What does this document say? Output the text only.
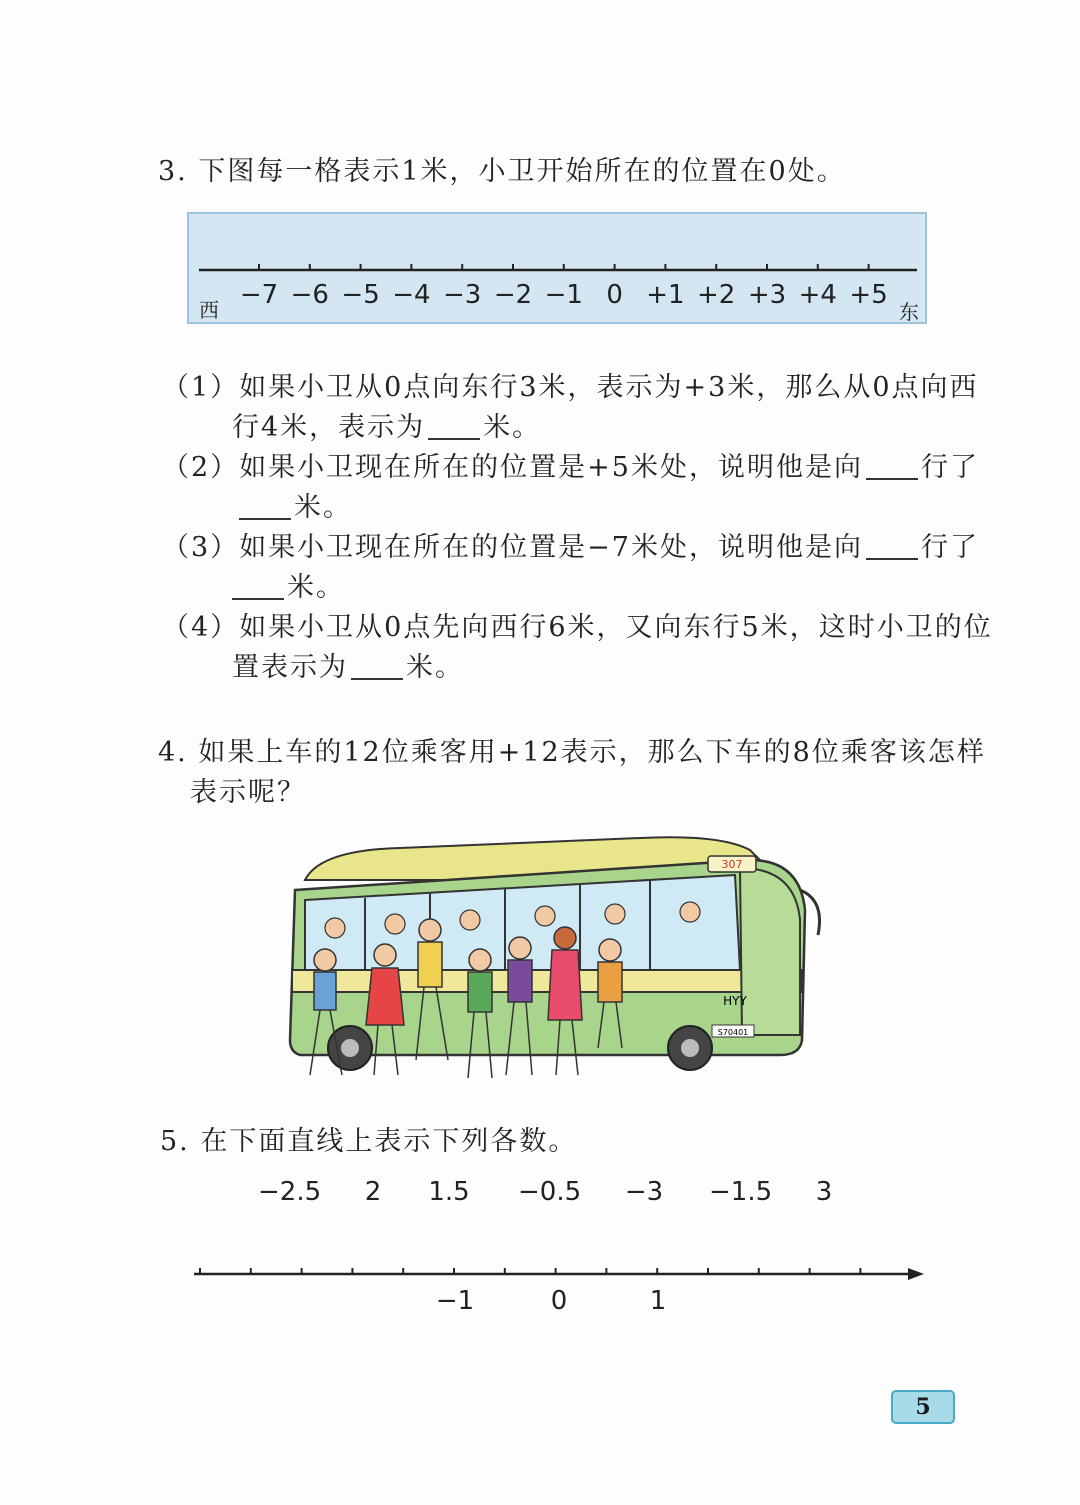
3. 下图每一格表示1米，小卫开始所在的位置在0处。
西	东
−7 −6 −5 −4 −3 −2 −1 0 +1 +2 +3 +4 +5
（1）如果小卫从0点向东行3米，表示为+3米，那么从0点向西
行4米，表示为 米。
（2）如果小卫现在所在的位置是+5米处，说明他是向 行了
米。
（3）如果小卫现在所在的位置是−7米处，说明他是向 行了
米。
（4）如果小卫从0点先向西行6米，又向东行5米，这时小卫的位
置表示为 米。
4. 如果上车的12位乘客用+12表示，那么下车的8位乘客该怎样
表示呢？
307
S70401
HYY
5. 在下面直线上表示下列各数。
−2.5	2	1.5	−0.5	−3	−1.5	3
−1	0	1
5
